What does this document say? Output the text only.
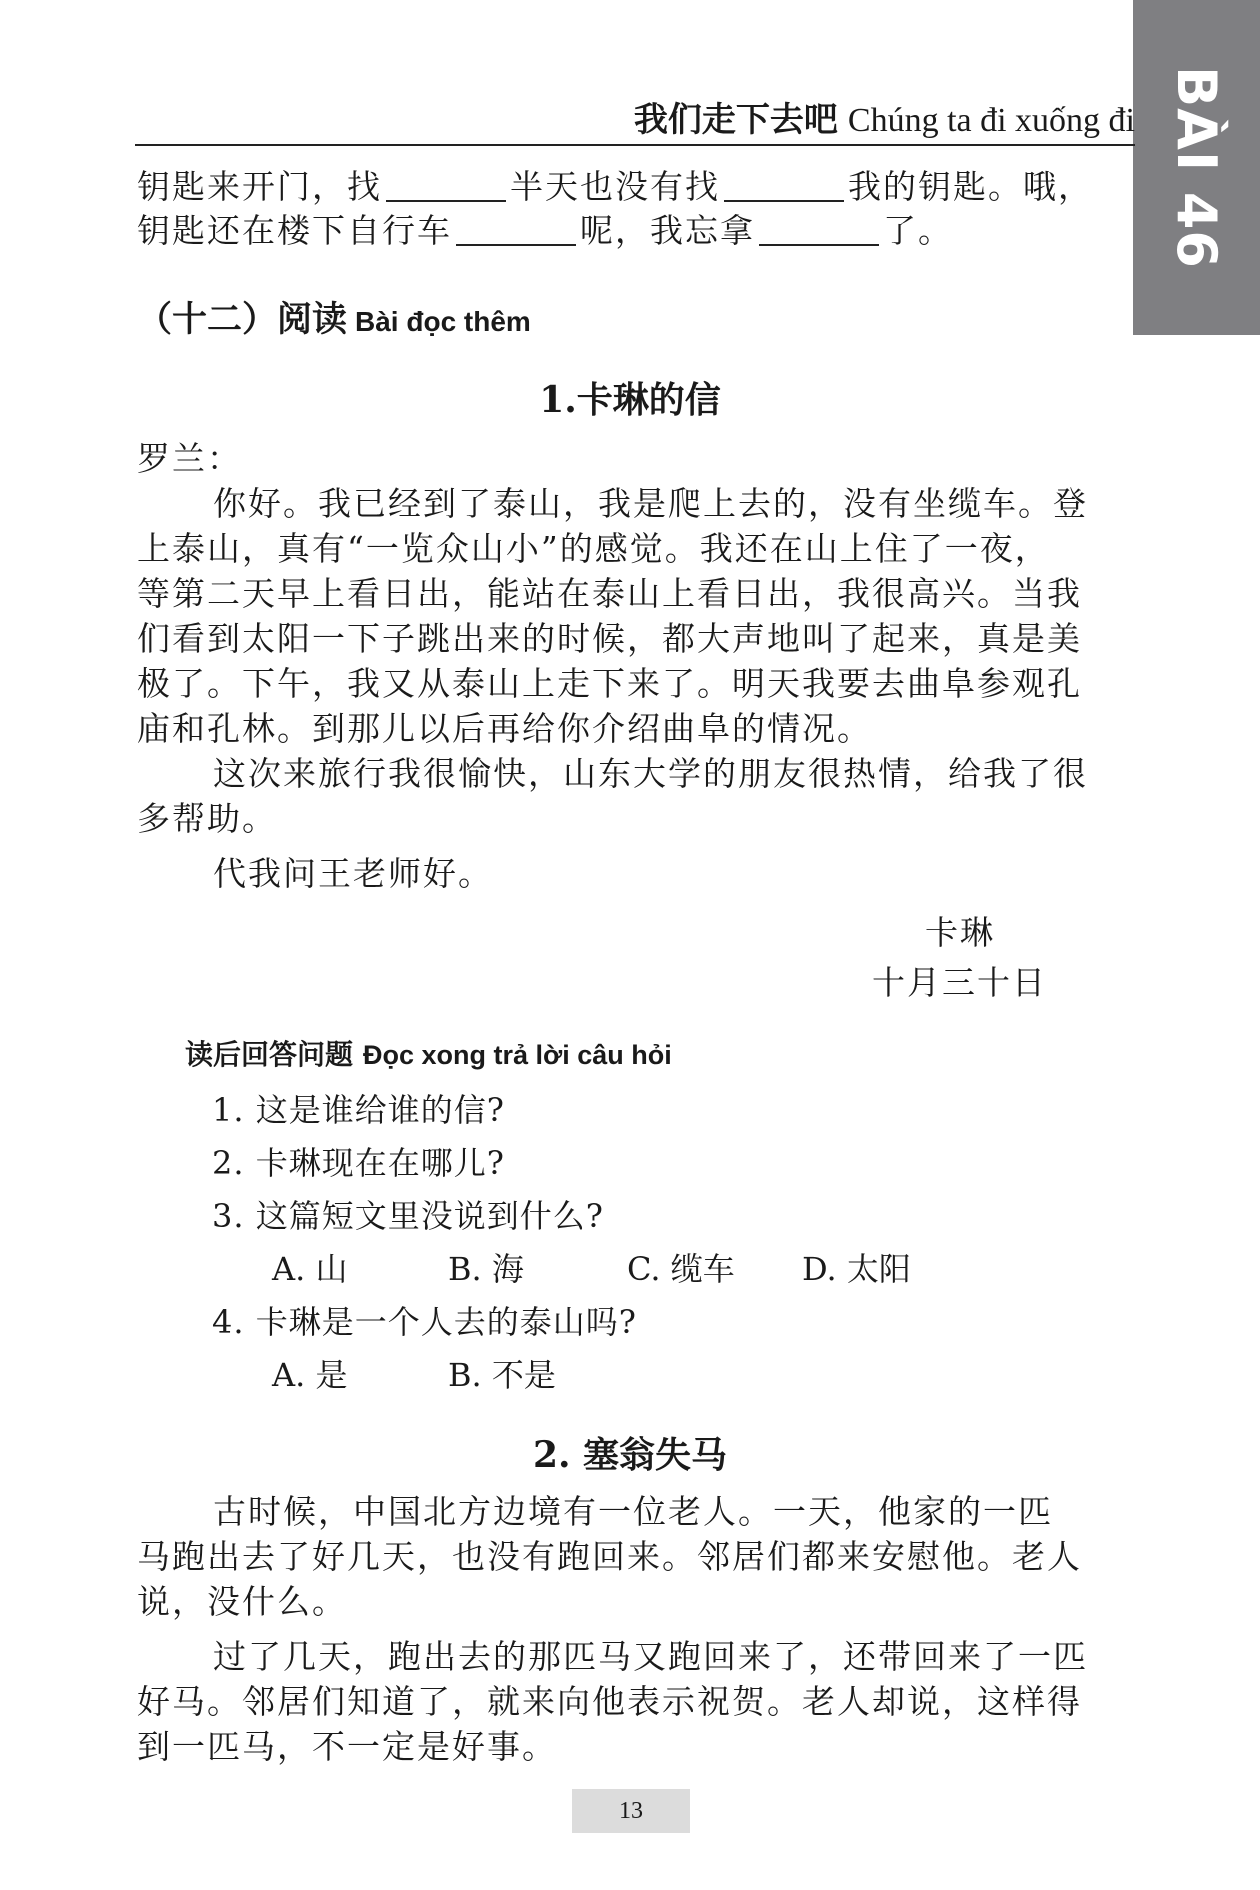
BÀI 46
我们走下去吧 Chúng ta đi xuống đi
钥匙来开门，找	半天也没有找	我的钥匙。哦，
钥匙还在楼下自行车	呢，我忘拿	了。
（十二）阅读 Bài đọc thêm
1.卡琳的信
罗兰：
你好。我已经到了泰山，我是爬上去的，没有坐缆车。登
上泰山，真有“一览众山小”的感觉。我还在山上住了一夜，
等第二天早上看日出，能站在泰山上看日出，我很高兴。当我
们看到太阳一下子跳出来的时候，都大声地叫了起来，真是美
极了。下午，我又从泰山上走下来了。明天我要去曲阜参观孔
庙和孔林。到那儿以后再给你介绍曲阜的情况。
这次来旅行我很愉快，山东大学的朋友很热情，给我了很
多帮助。
代我问王老师好。
卡琳
十月三十日
读后回答问题 Đọc xong trả lời câu hỏi
1. 这是谁给谁的信?
2. 卡琳现在在哪儿?
3. 这篇短文里没说到什么?
A. 山	B. 海	C. 缆车 D. 太阳
4. 卡琳是一个人去的泰山吗?
A. 是	B. 不是
2. 塞翁失马
古时候，中国北方边境有一位老人。一天，他家的一匹
马跑出去了好几天，也没有跑回来。邻居们都来安慰他。老人
说，没什么。
过了几天，跑出去的那匹马又跑回来了，还带回来了一匹
好马。邻居们知道了，就来向他表示祝贺。老人却说，这样得
到一匹马，不一定是好事。
13
